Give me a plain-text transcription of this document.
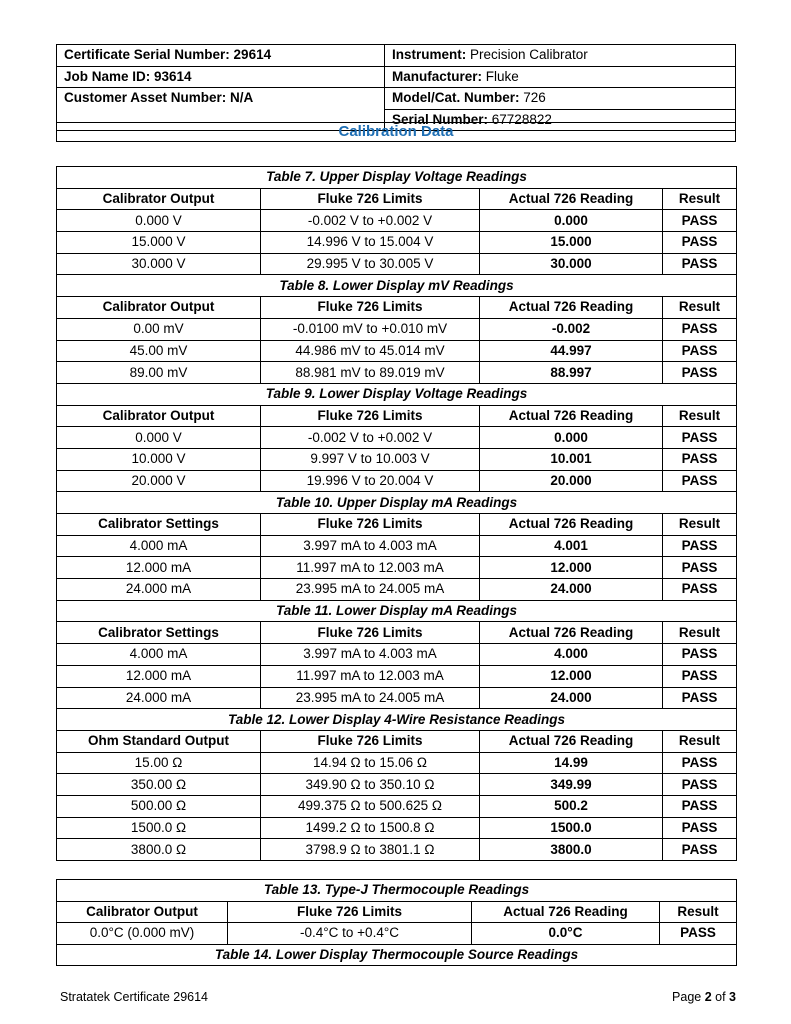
Certificate Serial Number: 29614	Instrument: Precision Calibrator
Job Name ID: 93614	Manufacturer: Fluke
Customer Asset Number: N/A	Model/Cat. Number: 726
	Serial Number: 67728822
Calibration Data
Table 7. Upper Display Voltage Readings			
Calibrator Output	Fluke 726 Limits	Actual 726 Reading	Result
0.000 V	-0.002 V to +0.002 V	0.000	PASS
15.000 V	14.996 V to 15.004 V	15.000	PASS
30.000 V	29.995 V to 30.005 V	30.000	PASS
Table 8. Lower Display mV Readings			
Calibrator Output	Fluke 726 Limits	Actual 726 Reading	Result
0.00 mV	-0.0100 mV to +0.010 mV	-0.002	PASS
45.00 mV	44.986 mV to 45.014 mV	44.997	PASS
89.00 mV	88.981 mV to 89.019 mV	88.997	PASS
Table 9. Lower Display Voltage Readings			
Calibrator Output	Fluke 726 Limits	Actual 726 Reading	Result
0.000 V	-0.002 V to +0.002 V	0.000	PASS
10.000 V	9.997 V to 10.003 V	10.001	PASS
20.000 V	19.996 V to 20.004 V	20.000	PASS
Table 10. Upper Display mA Readings			
Calibrator Settings	Fluke 726 Limits	Actual 726 Reading	Result
4.000 mA	3.997 mA to 4.003 mA	4.001	PASS
12.000 mA	11.997 mA to 12.003 mA	12.000	PASS
24.000 mA	23.995 mA to 24.005 mA	24.000	PASS
Table 11. Lower Display mA Readings			
Calibrator Settings	Fluke 726 Limits	Actual 726 Reading	Result
4.000 mA	3.997 mA to 4.003 mA	4.000	PASS
12.000 mA	11.997 mA to 12.003 mA	12.000	PASS
24.000 mA	23.995 mA to 24.005 mA	24.000	PASS
Table 12. Lower Display 4-Wire Resistance Readings			
Ohm Standard Output	Fluke 726 Limits	Actual 726 Reading	Result
15.00 Ω	14.94 Ω to 15.06 Ω	14.99	PASS
350.00 Ω	349.90 Ω to 350.10 Ω	349.99	PASS
500.00 Ω	499.375 Ω to 500.625 Ω	500.2	PASS
1500.0 Ω	1499.2 Ω to 1500.8 Ω	1500.0	PASS
3800.0 Ω	3798.9 Ω to 3801.1 Ω	3800.0	PASS
Table 13. Type-J Thermocouple Readings			
Calibrator Output	Fluke 726 Limits	Actual 726 Reading	Result
0.0°C (0.000 mV)	-0.4°C to +0.4°C	0.0°C	PASS
Table 14. Lower Display Thermocouple Source Readings			
Stratatek Certificate 29614	Page 2 of 3
